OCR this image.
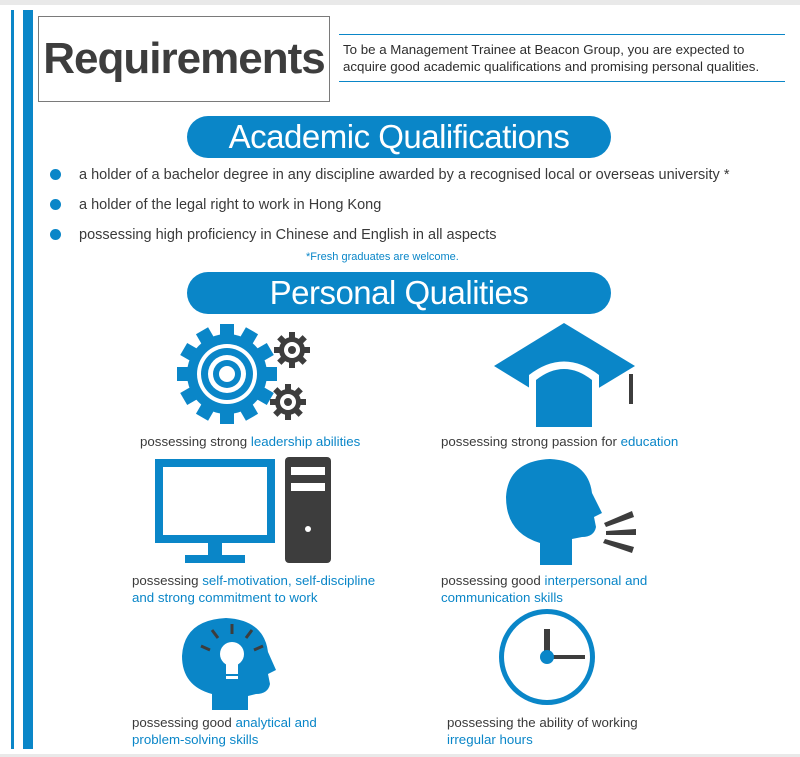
Requirements	To be a Management Trainee at Beacon Group, you are expected to acquire good academic qualifications and promising personal qualities.
Academic Qualifications
a holder of a bachelor degree in any discipline awarded by a recognised local or overseas university *
a holder of the legal right to work in Hong Kong
possessing high proficiency in Chinese and English in all aspects
*Fresh graduates are welcome.
Personal Qualities
possessing strong leadership abilities	possessing strong passion for education
possessing self-motivation, self-discipline
and strong commitment to work
possessing good interpersonal and
communication skills
possessing good analytical and
problem-solving skills
possessing the ability of working
irregular hours
